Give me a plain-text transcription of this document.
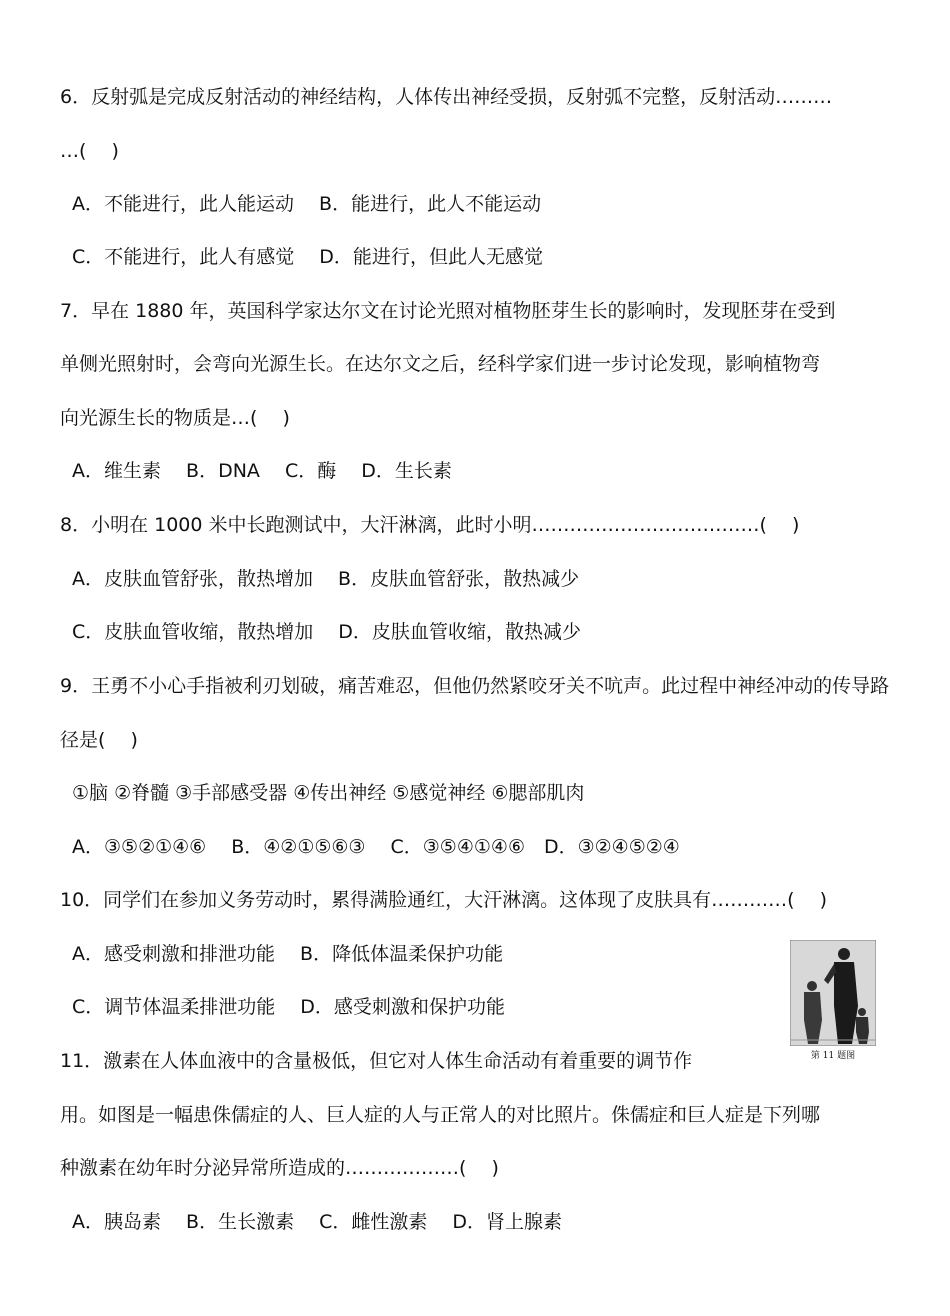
6．反射弧是完成反射活动的神经结构，人体传出神经受损，反射弧不完整，反射活动………
…(　 )
A．不能进行，此人能运动　 B．能进行，此人不能运动
C．不能进行，此人有感觉　 D．能进行，但此人无感觉
7．早在 1880 年，英国科学家达尔文在讨论光照对植物胚芽生长的影响时，发现胚芽在受到
单侧光照射时，会弯向光源生长。在达尔文之后，经科学家们进一步讨论发现，影响植物弯
向光源生长的物质是…(　 )
A．维生素　 B．DNA　 C．酶　 D．生长素
8．小明在 1000 米中长跑测试中，大汗淋漓，此时小明………………………………(　 )
A．皮肤血管舒张，散热增加　 B．皮肤血管舒张，散热减少
C．皮肤血管收缩，散热增加　 D．皮肤血管收缩，散热减少
9．王勇不小心手指被利刃划破，痛苦难忍，但他仍然紧咬牙关不吭声。此过程中神经冲动的传导路
径是(　 )
①脑 ②脊髓 ③手部感受器 ④传出神经 ⑤感觉神经 ⑥腮部肌肉
A．③⑤②①④⑥　 B．④②①⑤⑥③　 C．③⑤④①④⑥　D．③②④⑤②④
10．同学们在参加义务劳动时，累得满脸通红，大汗淋漓。这体现了皮肤具有…………(　 )
A．感受刺激和排泄功能　 B．降低体温柔保护功能
C．调节体温柔排泄功能　 D．感受刺激和保护功能
第 11 题图
11．激素在人体血液中的含量极低，但它对人体生命活动有着重要的调节作
用。如图是一幅患侏儒症的人、巨人症的人与正常人的对比照片。侏儒症和巨人症是下列哪
种激素在幼年时分泌异常所造成的………………(　 )
A．胰岛素　 B．生长激素　 C．雌性激素　 D．肾上腺素
